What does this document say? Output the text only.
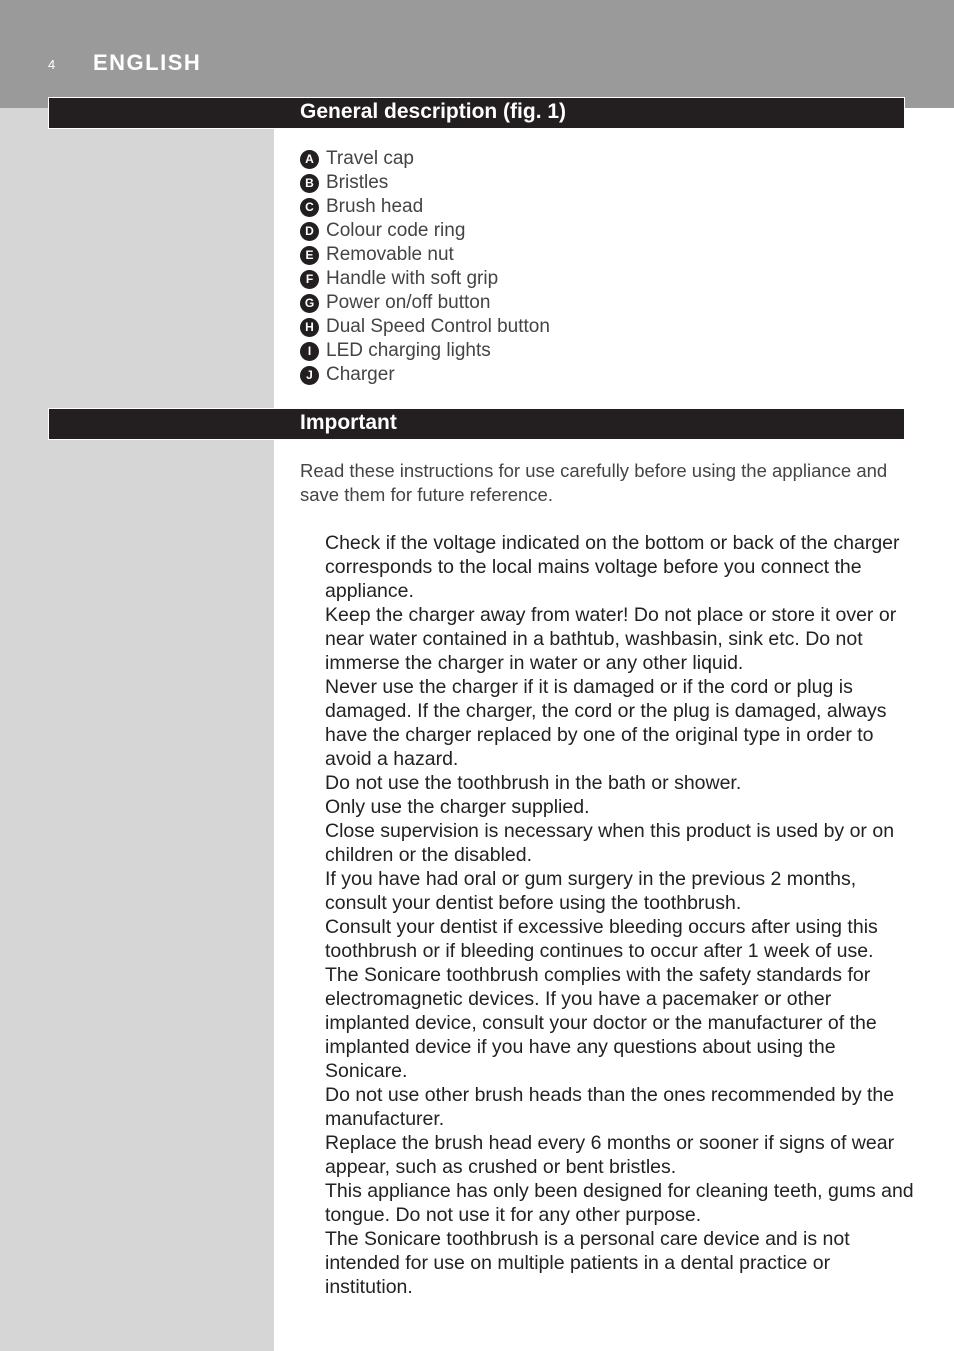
4 ENGLISH
General description (fig. 1)
A Travel cap
B Bristles
C Brush head
D Colour code ring
E Removable nut
F Handle with soft grip
G Power on/off button
H Dual Speed Control button
I LED charging lights
J Charger
Important

Read these instructions for use carefully before using the appliance and save them for future reference.

Check if the voltage indicated on the bottom or back of the charger corresponds to the local mains voltage before you connect the appliance.
Keep the charger away from water! Do not place or store it over or near water contained in a bathtub, washbasin, sink etc. Do not immerse the charger in water or any other liquid.
Never use the charger if it is damaged or if the cord or plug is damaged. If the charger, the cord or the plug is damaged, always have the charger replaced by one of the original type in order to avoid a hazard.
Do not use the toothbrush in the bath or shower.
Only use the charger supplied.
Close supervision is necessary when this product is used by or on children or the disabled.
If you have had oral or gum surgery in the previous 2 months, consult your dentist before using the toothbrush.
Consult your dentist if excessive bleeding occurs after using this toothbrush or if bleeding continues to occur after 1 week of use.
The Sonicare toothbrush complies with the safety standards for electromagnetic devices. If you have a pacemaker or other implanted device, consult your doctor or the manufacturer of the implanted device if you have any questions about using the Sonicare.
Do not use other brush heads than the ones recommended by the manufacturer.
Replace the brush head every 6 months or sooner if signs of wear appear, such as crushed or bent bristles.
This appliance has only been designed for cleaning teeth, gums and tongue. Do not use it for any other purpose.
The Sonicare toothbrush is a personal care device and is not intended for use on multiple patients in a dental practice or institution.
